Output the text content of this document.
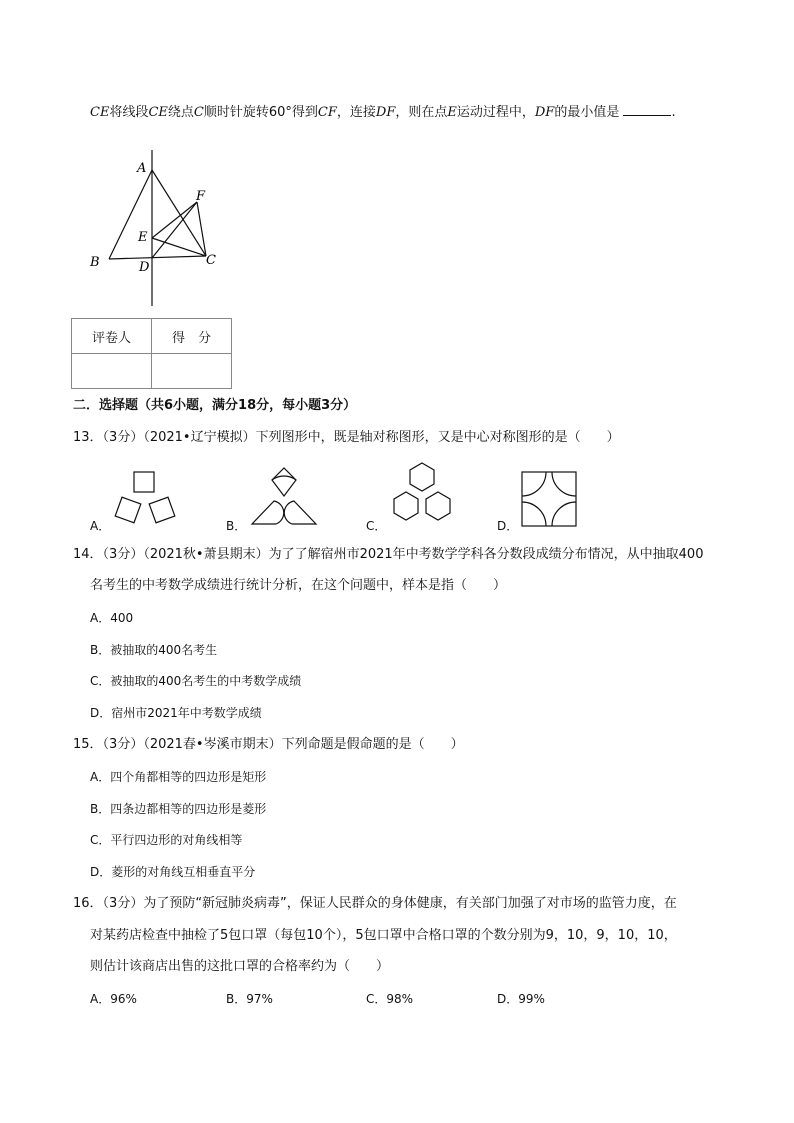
CE将线段CE绕点C顺时针旋转60°得到CF，连接DF，则在点E运动过程中，DF的最小值是	.
A
B	C
D
E
F
评卷人	得　分

二．选择题（共6小题，满分18分，每小题3分）
13．（3分）（2021•辽宁模拟）下列图形中，既是轴对称图形，又是中心对称图形的是（　　）
A．	B．	C．	D．
14．（3分）（2021秋•萧县期末）为了了解宿州市2021年中考数学学科各分数段成绩分布情况，从中抽取400
名考生的中考数学成绩进行统计分析，在这个问题中，样本是指（　　）
A．400
B．被抽取的400名考生
C．被抽取的400名考生的中考数学成绩
D．宿州市2021年中考数学成绩
15．（3分）（2021春•岑溪市期末）下列命题是假命题的是（　　）
A．四个角都相等的四边形是矩形
B．四条边都相等的四边形是菱形
C．平行四边形的对角线相等
D．菱形的对角线互相垂直平分
16．（3分）为了预防“新冠肺炎病毒”，保证人民群众的身体健康，有关部门加强了对市场的监管力度，在
对某药店检查中抽检了5包口罩（每包10个），5包口罩中合格口罩的个数分别为9，10，9，10，10，
则估计该商店出售的这批口罩的合格率约为（　　）
A．96%	B．97%	C．98%	D．99%
